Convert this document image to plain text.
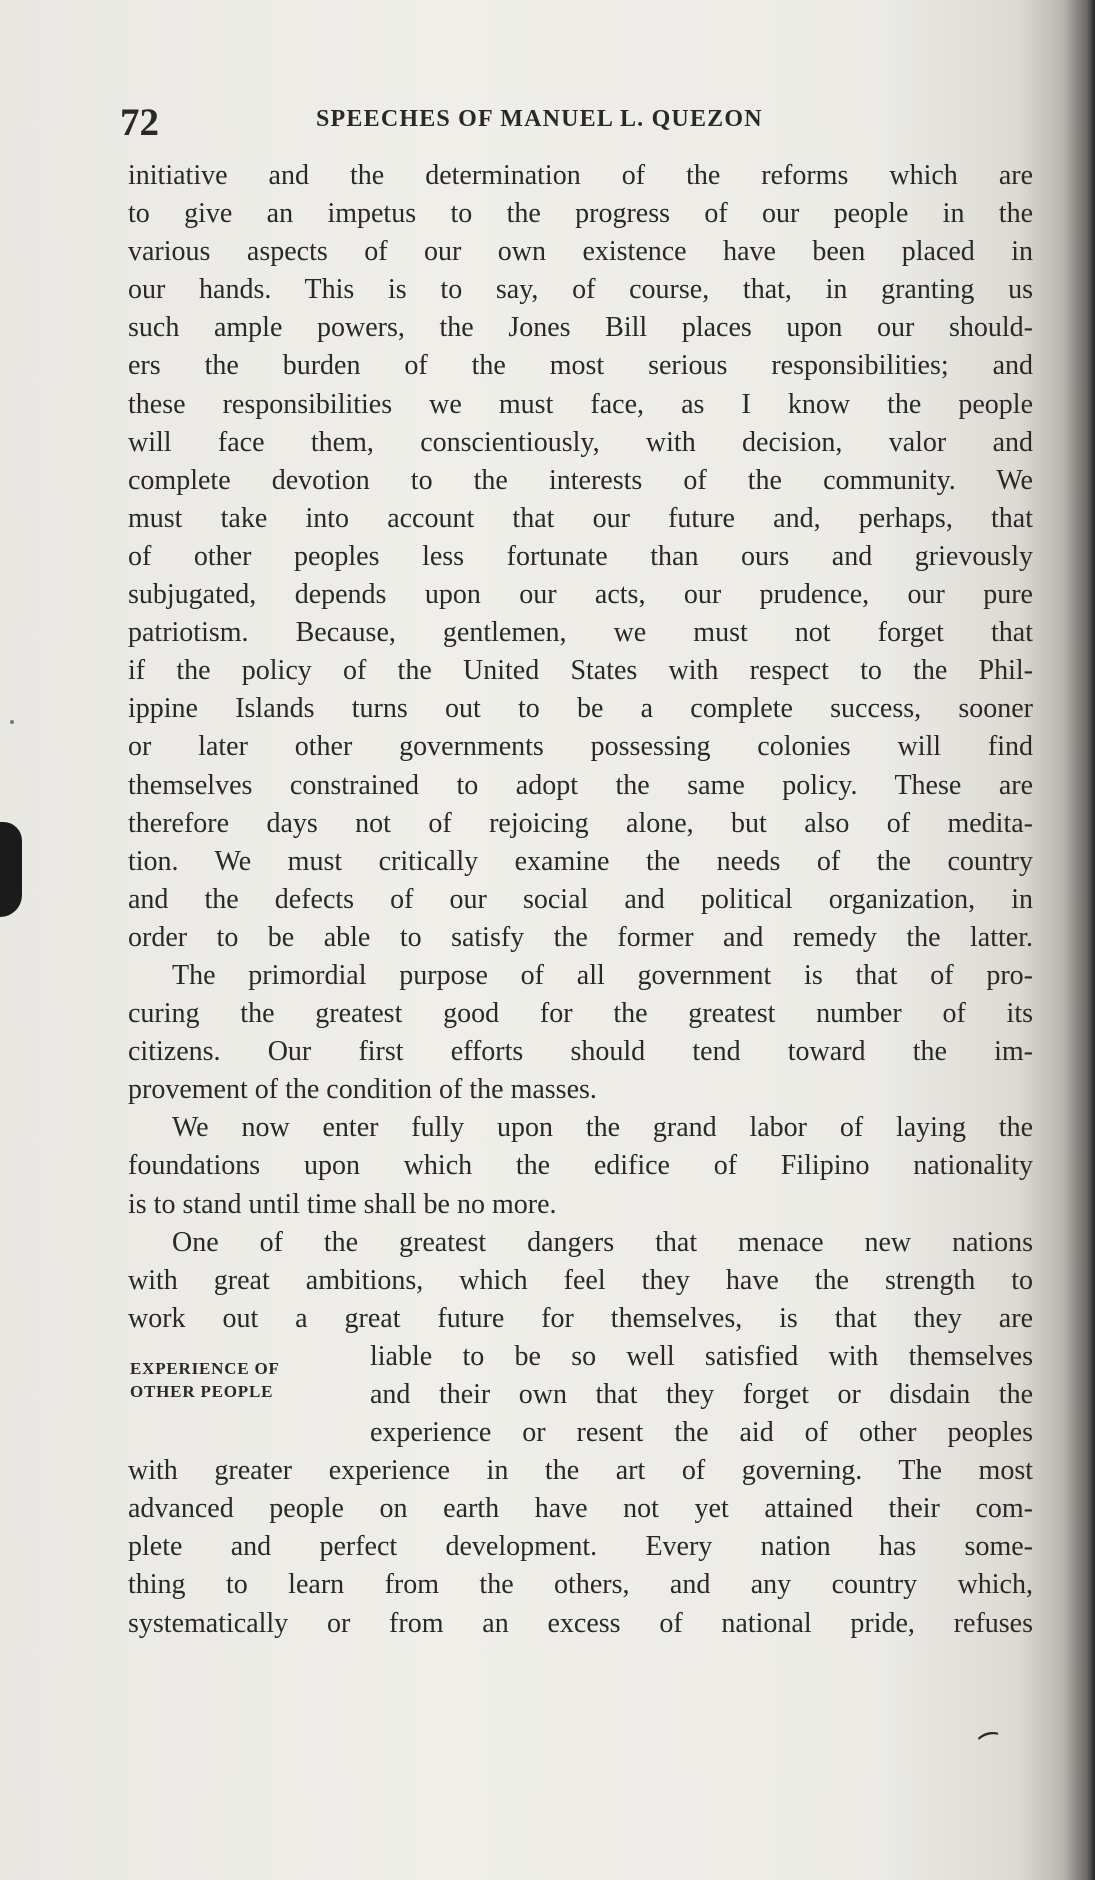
72	SPEECHES OF MANUEL L. QUEZON
initiative and the determination of the reforms which are
to give an impetus to the progress of our people in the
various aspects of our own existence have been placed in
our hands. This is to say, of course, that, in granting us
such ample powers, the Jones Bill places upon our should-
ers the burden of the most serious responsibilities; and
these responsibilities we must face, as I know the people
will face them, conscientiously, with decision, valor and
complete devotion to the interests of the community. We
must take into account that our future and, perhaps, that
of other peoples less fortunate than ours and grievously
subjugated, depends upon our acts, our prudence, our pure
patriotism. Because, gentlemen, we must not forget that
if the policy of the United States with respect to the Phil-
ippine Islands turns out to be a complete success, sooner
or later other governments possessing colonies will find
themselves constrained to adopt the same policy. These are
therefore days not of rejoicing alone, but also of medita-
tion. We must critically examine the needs of the country
and the defects of our social and political organization, in
order to be able to satisfy the former and remedy the latter.
The primordial purpose of all government is that of pro-
curing the greatest good for the greatest number of its
citizens. Our first efforts should tend toward the im-
provement of the condition of the masses.
We now enter fully upon the grand labor of laying the
foundations upon which the edifice of Filipino nationality
is to stand until time shall be no more.
One of the greatest dangers that menace new nations
with great ambitions, which feel they have the strength to
work out a great future for themselves, is that they are
liable to be so well satisfied with themselves
and their own that they forget or disdain the
experience or resent the aid of other peoples
with greater experience in the art of governing. The most
advanced people on earth have not yet attained their com-
plete and perfect development. Every nation has some-
thing to learn from the others, and any country which,
systematically or from an excess of national pride, refuses
EXPERIENCE OF
OTHER PEOPLE
⁀
